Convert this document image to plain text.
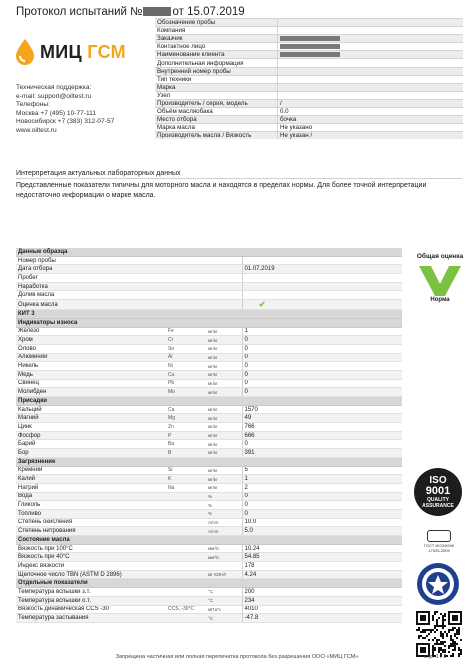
Протокол испытаний №	от 15.07.2019
МИЦ ГСМ
Техническая поддержка:
e-mail: support@oiltest.ru
Телефоны:
Москва +7 (495) 10-77-111
Новосибирск +7 (383) 312-07-57
www.oiltest.ru
Обозначение пробы	
Компания	
Заказчик	
Контактное лицо	
Наименование клиента	
Дополнительная информация	
Внутренний номер пробы	
Тип техники	
Марка	
Узел	
Производитель / серия, модель	/
Объём масляобака	0.0
Место отбора	бочка
Марка масла	Не указано
Производитель масла / Вязкость	Не указан /
Интерпретация актуальных лабораторных данных
Представленные показатели типичны для моторного масла и находятся в пределах нормы. Для более точной интерпретации недостаточно информации о марке масла.
Данные образца						
Номер пробы						
Дата отбора			01.07.2019			
Пробег						
Наработка						
Долив масла						
Оценка масла			✔			
КИТ 3						
Индикаторы износа						
Железо	Fe	мг/кг	1			
Хром	Cr	мг/кг	0			
Олово	Sn	мг/кг	0			
Алюминий	Al	мг/кг	0			
Никель	Ni	мг/кг	0			
Медь	Cu	мг/кг	0			
Свинец	Pb	мг/кг	0			
Молибден	Mo	мг/кг	0			
Присадки						
Кальций	Ca	мг/кг	1570			
Магний	Mg	мг/кг	49			
Цинк	Zn	мг/кг	766			
Фосфор	P	мг/кг	666			
Барий	Ba	мг/кг	0			
Бор	B	мг/кг	391			
Загрязнение						
Кремний	Si	мг/кг	5			
Калий	K	мг/кг	1			
Натрий	Na	мг/кг	2			
Вода		%	0			
Гликоль		%	0			
Топливо		%	0			
Степень окисления		A/cm	10.0			
Степень нитрования		A/cm	5.0			
Состояние масла						
Вязкость при 100°C		мм²/с	10.24			
Вязкость при 40°C		мм²/с	54.85			
Индекс вязкости			178			
Щелочное число TBN (ASTM D 2896)		мг КОН/г	4.24			
Отдельные показатели						
Температура вспышки з.т.		°C	200			
Температура вспышки о.т.		°C	234			
Вязкость динамическая CCS -30	CCS, -30°C	мПа*с	4010			
Температура застывания		°C	-47.8			
Общая оценка
Норма
ISO
9001
QUALITY
ASSURANCE
ГОСТ ИСО/МЭК
17025-2009
Запрещена частичная или полная перепечатка протокола без разрешения ООО «МИЦ ГСМ»	стр. 1 / 2
